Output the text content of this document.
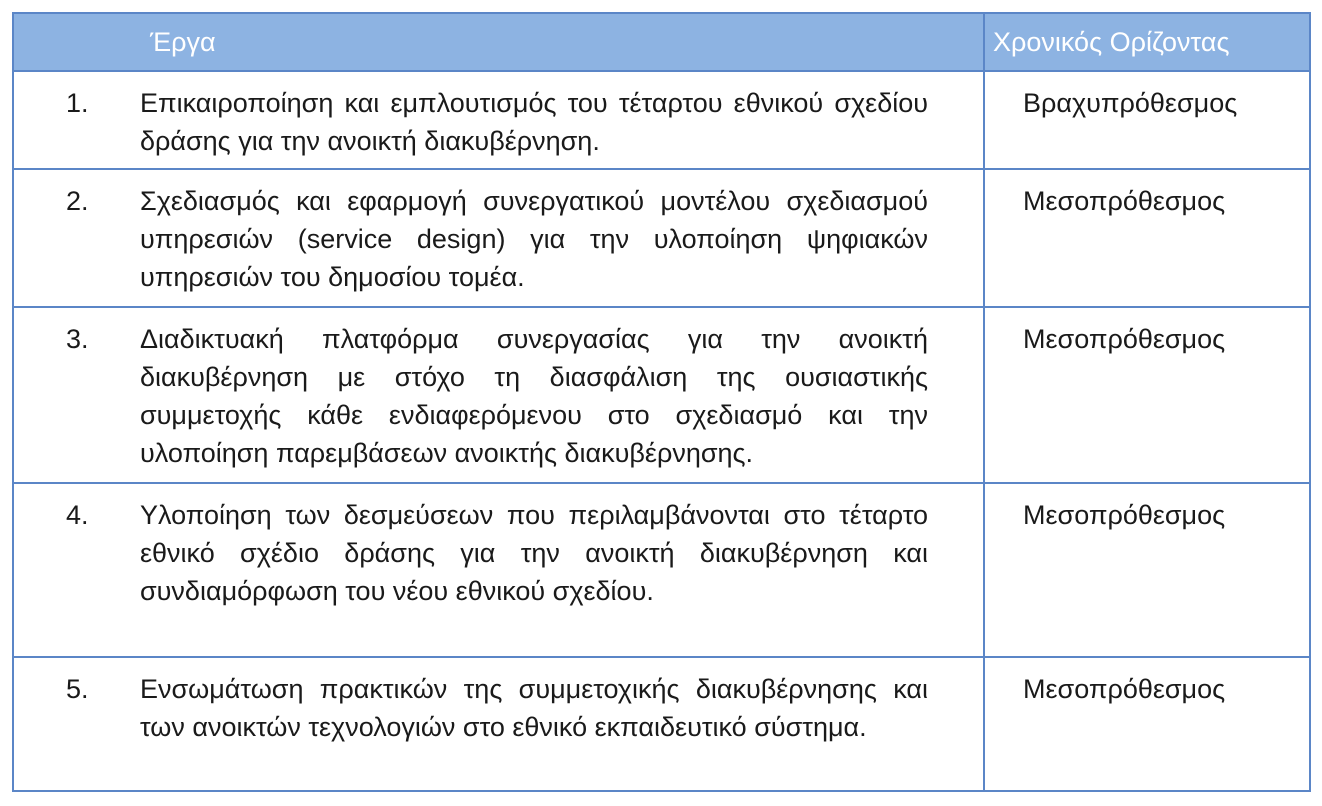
Έργα	Χρονικός Ορίζοντας

1. Επικαιροποίηση και εμπλουτισμός του τέταρτου εθνικού σχεδίου δράσης για την ανοικτή διακυβέρνηση.	Βραχυπρόθεσμος

2. Σχεδιασμός και εφαρμογή συνεργατικού μοντέλου σχεδιασμού υπηρεσιών (service design) για την υλοποίηση ψηφιακών υπηρεσιών του δημοσίου τομέα.	Μεσοπρόθεσμος

3. Διαδικτυακή πλατφόρμα συνεργασίας για την ανοικτή διακυβέρνηση με στόχο τη διασφάλιση της ουσιαστικής συμμετοχής κάθε ενδιαφερόμενου στο σχεδιασμό και την υλοποίηση παρεμβάσεων ανοικτής διακυβέρνησης.	Μεσοπρόθεσμος

4. Υλοποίηση των δεσμεύσεων που περιλαμβάνονται στο τέταρτο εθνικό σχέδιο δράσης για την ανοικτή διακυβέρνηση και συνδιαμόρφωση του νέου εθνικού σχεδίου.	Μεσοπρόθεσμος

5. Ενσωμάτωση πρακτικών της συμμετοχικής διακυβέρνησης και των ανοικτών τεχνολογιών στο εθνικό εκπαιδευτικό σύστημα.	Μεσοπρόθεσμος
